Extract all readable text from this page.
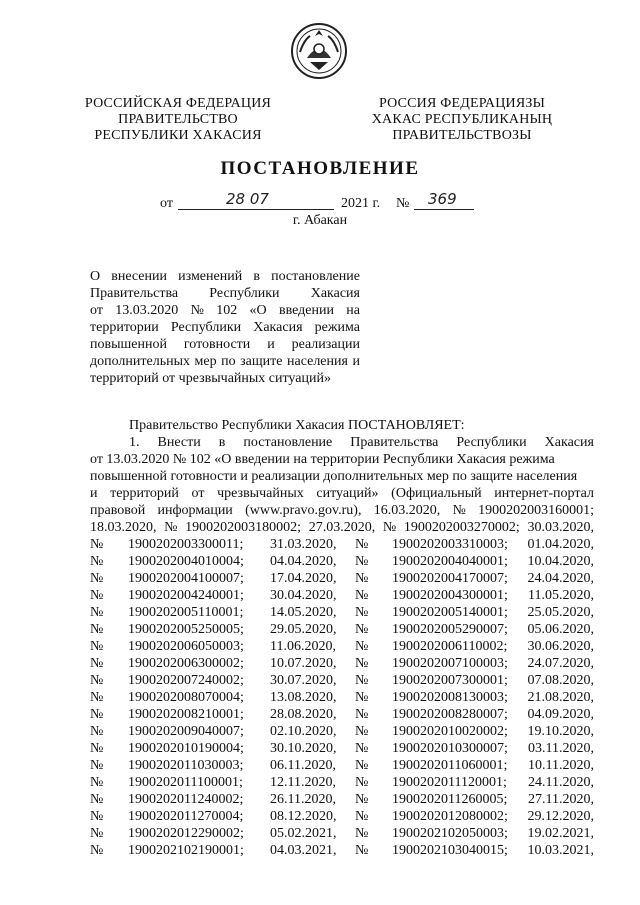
РОССИЙСКАЯ ФЕДЕРАЦИЯ
ПРАВИТЕЛЬСТВО
РЕСПУБЛИКИ ХАКАСИЯ
РОССИЯ ФЕДЕРАЦИЯЗЫ
ХАКАС РЕСПУБЛИКАНЫҢ
ПРАВИТЕЛЬСТВОЗЫ
ПОСТАНОВЛЕНИЕ
от	28 07	2021 г. № 369
г. Абакан
О внесении изменений в постановление
Правительства Республики Хакасия
от 13.03.2020 № 102 «О введении на
территории Республики Хакасия режима
повышенной готовности и реализации
дополнительных мер по защите населения и
территорий от чрезвычайных ситуаций»
Правительство Республики Хакасия ПОСТАНОВЛЯЕТ:
1. Внести в постановление Правительства Республики Хакасия
от 13.03.2020 № 102 «О введении на территории Республики Хакасия режима
повышенной готовности и реализации дополнительных мер по защите населения
и территорий от чрезвычайных ситуаций» (Официальный интернет-портал
правовой информации (www.pravo.gov.ru), 16.03.2020, № 1900202003160001;
18.03.2020, № 1900202003180002; 27.03.2020, № 1900202003270002; 30.03.2020,
№ 1900202003300011; 31.03.2020, № 1900202003310003; 01.04.2020,
№ 1900202004010004; 04.04.2020, № 1900202004040001; 10.04.2020,
№ 1900202004100007; 17.04.2020, № 1900202004170007; 24.04.2020,
№ 1900202004240001; 30.04.2020, № 1900202004300001; 11.05.2020,
№ 1900202005110001; 14.05.2020, № 1900202005140001; 25.05.2020,
№ 1900202005250005; 29.05.2020, № 1900202005290007; 05.06.2020,
№ 1900202006050003; 11.06.2020, № 1900202006110002; 30.06.2020,
№ 1900202006300002; 10.07.2020, № 1900202007100003; 24.07.2020,
№ 1900202007240002; 30.07.2020, № 1900202007300001; 07.08.2020,
№ 1900202008070004; 13.08.2020, № 1900202008130003; 21.08.2020,
№ 1900202008210001; 28.08.2020, № 1900202008280007; 04.09.2020,
№ 1900202009040007; 02.10.2020, № 1900202010020002; 19.10.2020,
№ 1900202010190004; 30.10.2020, № 1900202010300007; 03.11.2020,
№ 1900202011030003; 06.11.2020, № 1900202011060001; 10.11.2020,
№ 1900202011100001; 12.11.2020, № 1900202011120001; 24.11.2020,
№ 1900202011240002; 26.11.2020, № 1900202011260005; 27.11.2020,
№ 1900202011270004; 08.12.2020, № 1900202012080002; 29.12.2020,
№ 1900202012290002; 05.02.2021, № 1900202102050003; 19.02.2021,
№ 1900202102190001; 04.03.2021, № 1900202103040015; 10.03.2021,
